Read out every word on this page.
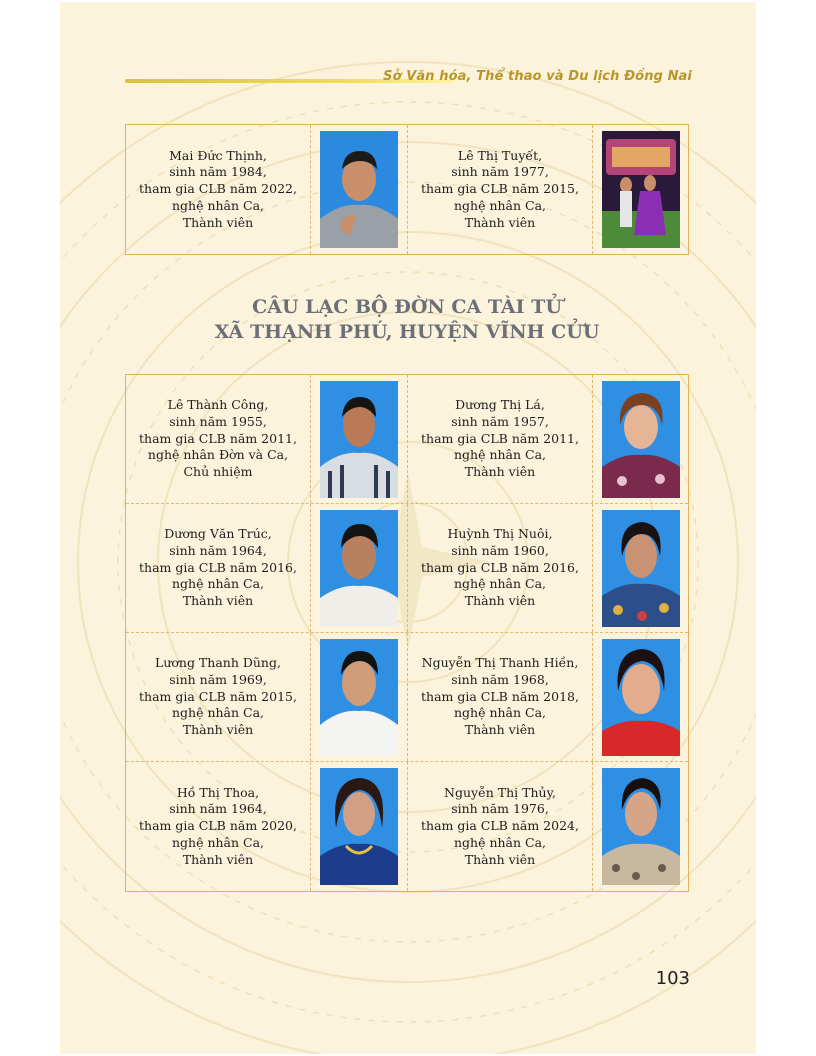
Sở Văn hóa, Thể thao và Du lịch Đồng Nai
Mai Đức Thịnh,
sinh năm 1984,
tham gia CLB năm 2022,
nghệ nhân Ca,
Thành viên
Lê Thị Tuyết,
sinh năm 1977,
tham gia CLB năm 2015,
nghệ nhân Ca,
Thành viên
CÂU LẠC BỘ ĐỜN CA TÀI TỬ
XÃ THẠNH PHÚ, HUYỆN VĨNH CỬU
Lê Thành Công,
sinh năm 1955,
tham gia CLB năm 2011,
nghệ nhân Đờn và Ca,
Chủ nhiệm
Dương Thị Lá,
sinh năm 1957,
tham gia CLB năm 2011,
nghệ nhân Ca,
Thành viên
Dương Văn Trúc,
sinh năm 1964,
tham gia CLB năm 2016,
nghệ nhân Ca,
Thành viên
Huỳnh Thị Nuôi,
sinh năm 1960,
tham gia CLB năm 2016,
nghệ nhân Ca,
Thành viên
Lương Thanh Dũng,
sinh năm 1969,
tham gia CLB năm 2015,
nghệ nhân Ca,
Thành viên
Nguyễn Thị Thanh Hiền,
sinh năm 1968,
tham gia CLB năm 2018,
nghệ nhân Ca,
Thành viên
Hồ Thị Thoa,
sinh năm 1964,
tham gia CLB năm 2020,
nghệ nhân Ca,
Thành viên
Nguyễn Thị Thủy,
sinh năm 1976,
tham gia CLB năm 2024,
nghệ nhân Ca,
Thành viên
103
